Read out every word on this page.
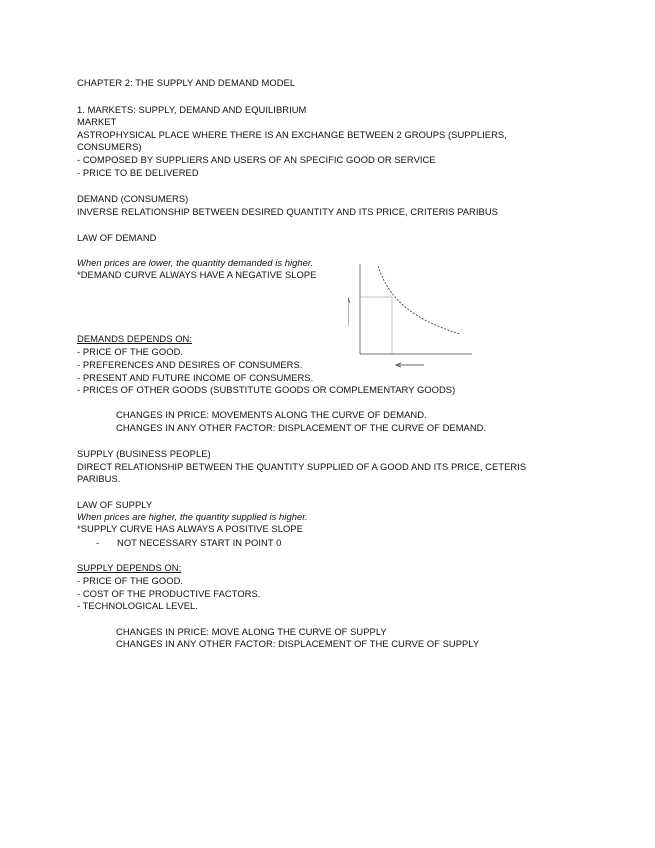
CHAPTER 2: THE SUPPLY AND DEMAND MODEL

1. MARKETS: SUPPLY, DEMAND AND EQUILIBRIUM

MARKET

ASTROPHYSICAL PLACE WHERE THERE IS AN EXCHANGE BETWEEN 2 GROUPS (SUPPLIERS, CONSUMERS)

- COMPOSED BY SUPPLIERS AND USERS OF AN SPECIFIC GOOD OR SERVICE

- PRICE TO BE DELIVERED

DEMAND (CONSUMERS)

INVERSE RELATIONSHIP BETWEEN DESIRED QUANTITY AND ITS PRICE, CRITERIS PARIBUS

LAW OF DEMAND

When prices are lower, the quantity demanded is higher.

*DEMAND CURVE ALWAYS HAVE A NEGATIVE SLOPE

DEMANDS DEPENDS ON:

- PRICE OF THE GOOD.

- PREFERENCES AND DESIRES OF CONSUMERS.

- PRESENT AND FUTURE INCOME OF CONSUMERS.

- PRICES OF OTHER GOODS (SUBSTITUTE GOODS OR COMPLEMENTARY GOODS)

CHANGES IN PRICE: MOVEMENTS ALONG THE CURVE OF DEMAND.

CHANGES IN ANY OTHER FACTOR: DISPLACEMENT OF THE CURVE OF DEMAND.

SUPPLY (BUSINESS PEOPLE)

DIRECT RELATIONSHIP BETWEEN THE QUANTITY SUPPLIED OF A GOOD AND ITS PRICE, CETERIS PARIBUS.

LAW OF SUPPLY

When prices are higher, the quantity supplied is higher.

*SUPPLY CURVE HAS ALWAYS A POSITIVE SLOPE

- NOT NECESSARY START IN POINT 0

SUPPLY DEPENDS ON:

- PRICE OF THE GOOD.

- COST OF THE PRODUCTIVE FACTORS.

- TECHNOLOGICAL LEVEL.

CHANGES IN PRICE: MOVE ALONG THE CURVE OF SUPPLY

CHANGES IN ANY OTHER FACTOR: DISPLACEMENT OF THE CURVE OF SUPPLY
